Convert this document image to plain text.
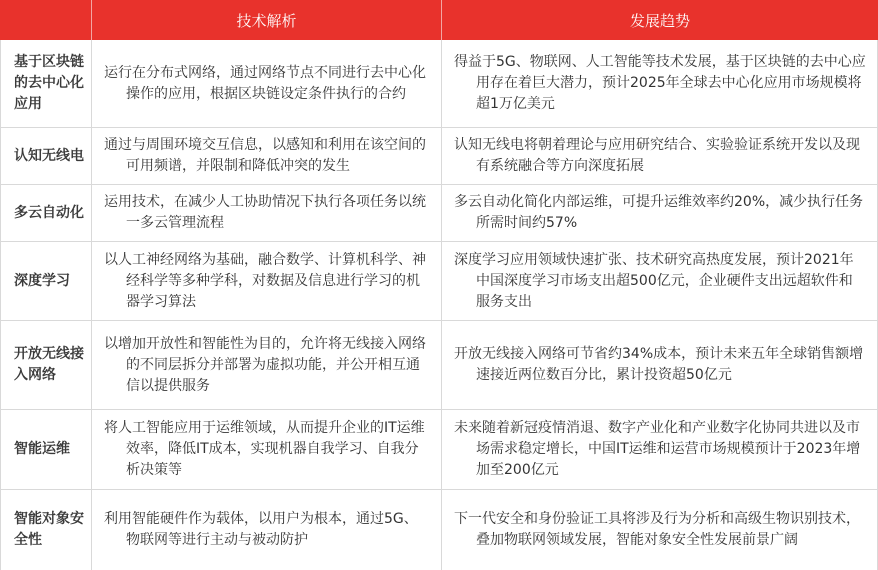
技术解析	发展趋势
基于区块链的去中心化应用
运行在分布式网络，通过网络节点不同进行去中心化操作的应用，根据区块链设定条件执行的合约
得益于5G、物联网、人工智能等技术发展，基于区块链的去中心应用存在着巨大潜力，预计2025年全球去中心化应用市场规模将超1万亿美元
认知无线电
通过与周围环境交互信息，以感知和利用在该空间的可用频谱，并限制和降低冲突的发生
认知无线电将朝着理论与应用研究结合、实验验证系统开发以及现有系统融合等方向深度拓展
多云自动化
运用技术，在减少人工协助情况下执行各项任务以统一多云管理流程
多云自动化简化内部运维，可提升运维效率约20%，减少执行任务所需时间约57%
深度学习
以人工神经网络为基础，融合数学、计算机科学、神经科学等多种学科，对数据及信息进行学习的机器学习算法
深度学习应用领域快速扩张、技术研究高热度发展，预计2021年中国深度学习市场支出超500亿元，企业硬件支出远超软件和服务支出
开放无线接入网络
以增加开放性和智能性为目的，允许将无线接入网络的不同层拆分并部署为虚拟功能，并公开相互通信以提供服务
开放无线接入网络可节省约34%成本，预计未来五年全球销售额增速接近两位数百分比，累计投资超50亿元
智能运维
将人工智能应用于运维领域，从而提升企业的IT运维效率，降低IT成本，实现机器自我学习、自我分析决策等
未来随着新冠疫情消退、数字产业化和产业数字化协同共进以及市场需求稳定增长，中国IT运维和运营市场规模预计于2023年增加至200亿元
智能对象安全性
利用智能硬件作为载体，以用户为根本，通过5G、物联网等进行主动与被动防护
下一代安全和身份验证工具将涉及行为分析和高级生物识别技术，叠加物联网领域发展，智能对象安全性发展前景广阔
